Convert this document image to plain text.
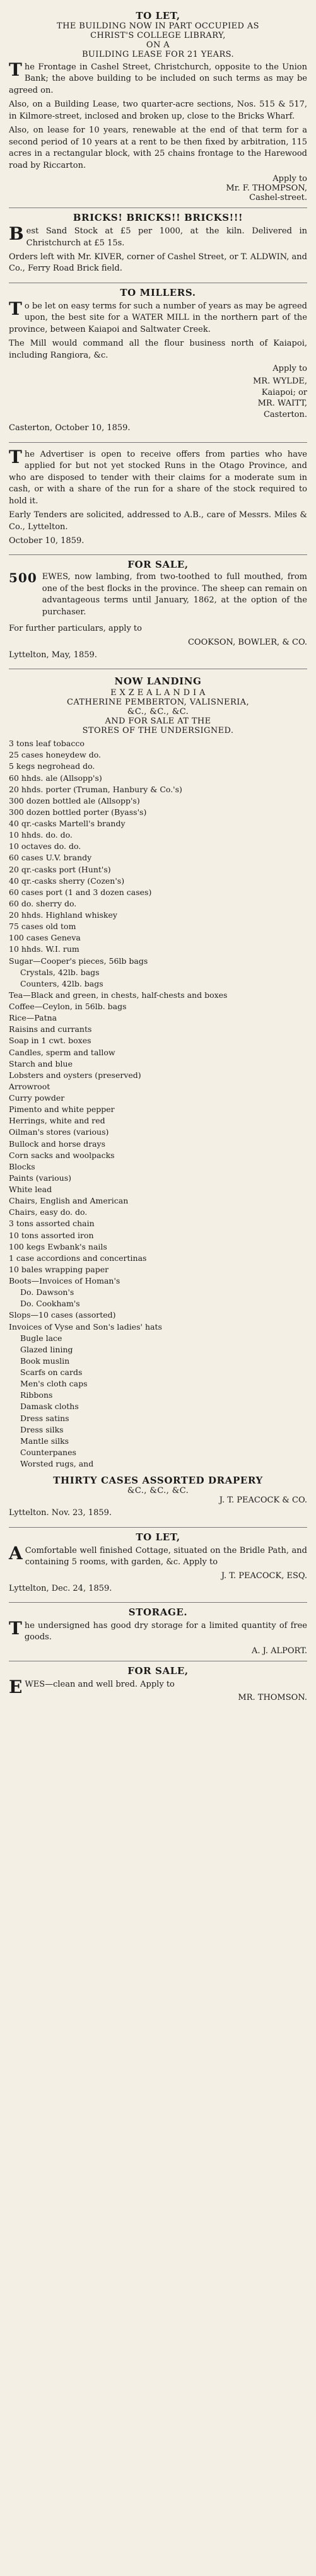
TO LET,
THE BUILDING NOW IN PART OCCUPIED AS
CHRIST'S COLLEGE LIBRARY,
ON A
BUILDING LEASE FOR 21 YEARS.

The Frontage in Cashel Street, Christchurch, opposite to the Union Bank; the above building to be included on such terms as may be agreed on.

Also, on a Building Lease, two quarter-acre sections, Nos. 515 & 517, in Kilmore-street, inclosed and broken up, close to the Bricks Wharf.

Also, on lease for 10 years, renewable at the end of that term for a second period of 10 years at a rent to be then fixed by arbitration, 115 acres in a rectangular block, with 25 chains frontage to the Harewood road by Riccarton.

Apply to
Mr. F. THOMPSON,
Cashel-street.
BRICKS! BRICKS!! BRICKS!!!

Best Sand Stock at £5 per 1000, at the kiln. Delivered in Christchurch at £5 15s.

Orders left with Mr. KIVER, corner of Cashel Street, or T. ALDWIN, and Co., Ferry Road Brick field.

TO MILLERS.

To be let on easy terms for such a number of years as may be agreed upon, the best site for a WATER MILL in the northern part of the province, between Kaiapoi and Saltwater Creek.

The Mill would command all the flour business north of Kaiapoi, including Rangiora, &c.

Apply to
MR. WYLDE,
Kaiapoi; or
MR. WAITT,
Casterton.
Casterton, October 10, 1859.

The Advertiser is open to receive offers from parties who have applied for but not yet stocked Runs in the Otago Province, and who are disposed to tender with their claims for a moderate sum in cash, or with a share of the run for a share of the stock required to hold it.

Early Tenders are solicited, addressed to A.B., care of Messrs. Miles & Co., Lyttelton.

October 10, 1859.
FOR SALE,
500 EWES, now lambing, from two-toothed to full mouthed, from one of the best flocks in the province. The sheep can remain on advantageous terms until January, 1862, at the option of the purchaser.

For further particulars, apply to

COOKSON, BOWLER, & CO.
Lyttelton, May, 1859.
NOW LANDING
E X Z E A L A N D I A
CATHERINE PEMBERTON, VALISNERIA,
&C., &C., &C.
AND FOR SALE AT THE
STORES OF THE UNDERSIGNED.
3 tons leaf tobacco
25 cases honeydew do.
5 kegs negrohead do.
60 hhds. ale (Allsopp's)
20 hhds. porter (Truman, Hanbury & Co.'s)
300 dozen bottled ale (Allsopp's)
300 dozen bottled porter (Byass's)
40 qr.-casks Martell's brandy
10 hhds. do. do.
10 octaves do. do.
60 cases U.V. brandy
20 qr.-casks port (Hunt's)
40 qr.-casks sherry (Cozen's)
60 cases port (1 and 3 dozen cases)
60 do. sherry do.
20 hhds. Highland whiskey
75 cases old tom
100 cases Geneva
10 hhds. W.I. rum
Sugar—Cooper's pieces, 56lb bags
Crystals, 42lb. bags
Counters, 42lb. bags
Tea—Black and green, in chests, half-chests and boxes
Coffee—Ceylon, in 56lb. bags
Rice—Patna
Raisins and currants
Soap in 1 cwt. boxes
Candles, sperm and tallow
Starch and blue
Lobsters and oysters (preserved)
Arrowroot
Curry powder
Pimento and white pepper
Herrings, white and red
Oilman's stores (various)
Bullock and horse drays
Corn sacks and woolpacks
Blocks
Paints (various)
White lead
Chairs, English and American
Chairs, easy do. do.
3 tons assorted chain
10 tons assorted iron
100 kegs Ewbank's nails
1 case accordions and concertinas
10 bales wrapping paper
Boots—Invoices of Homan's
Do. Dawson's
Do. Cookham's
Slops—10 cases (assorted)
Invoices of Vyse and Son's ladies' hats
Bugle lace
Glazed lining
Book muslin
Scarfs on cards
Men's cloth caps
Ribbons
Damask cloths
Dress satins
Dress silks
Mantle silks
Counterpanes
Worsted rugs, and
THIRTY CASES ASSORTED DRAPERY
&C., &C., &C.
J. T. PEACOCK & CO.
Lyttelton. Nov. 23, 1859.
TO LET,

AComfortable well finished Cottage, situated on the Bridle Path, and containing 5 rooms, with garden, &c. Apply to

J. T. PEACOCK, ESQ.
Lyttelton, Dec. 24, 1859.
STORAGE.

The undersigned has good dry storage for a limited quantity of free goods.

A. J. ALPORT.
FOR SALE,

EWES—clean and well bred. Apply to

MR. THOMSON.
